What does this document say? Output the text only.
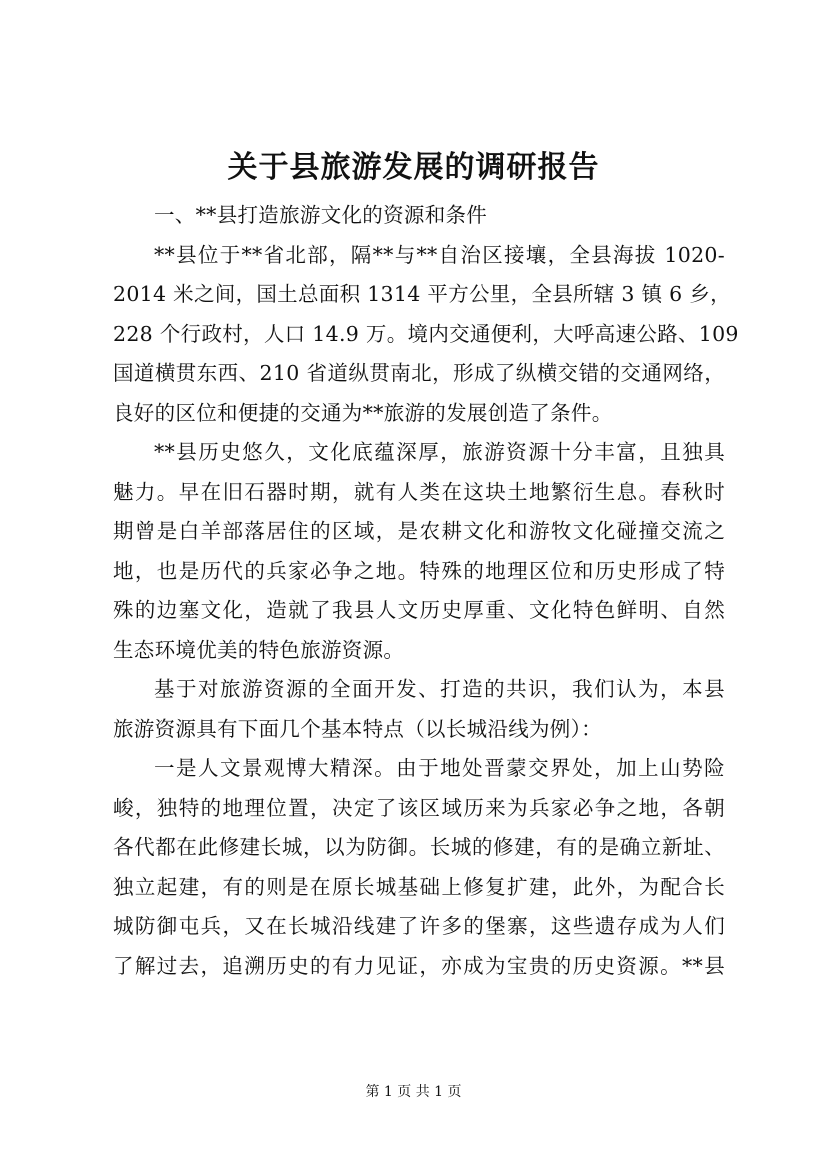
关于县旅游发展的调研报告
一、**县打造旅游文化的资源和条件
**县位于**省北部，隔**与**自治区接壤，全县海拔 1020-
2014 米之间，国土总面积 1314 平方公里，全县所辖 3 镇 6 乡，
228 个行政村，人口 14.9 万。境内交通便利，大呼高速公路、109
国道横贯东西、210 省道纵贯南北，形成了纵横交错的交通网络，
良好的区位和便捷的交通为**旅游的发展创造了条件。
**县历史悠久，文化底蕴深厚，旅游资源十分丰富，且独具
魅力。早在旧石器时期，就有人类在这块土地繁衍生息。春秋时
期曾是白羊部落居住的区域，是农耕文化和游牧文化碰撞交流之
地，也是历代的兵家必争之地。特殊的地理区位和历史形成了特
殊的边塞文化，造就了我县人文历史厚重、文化特色鲜明、自然
生态环境优美的特色旅游资源。
基于对旅游资源的全面开发、打造的共识，我们认为，本县
旅游资源具有下面几个基本特点（以长城沿线为例）：
一是人文景观博大精深。由于地处晋蒙交界处，加上山势险
峻，独特的地理位置，决定了该区域历来为兵家必争之地，各朝
各代都在此修建长城，以为防御。长城的修建，有的是确立新址、
独立起建，有的则是在原长城基础上修复扩建，此外，为配合长
城防御屯兵，又在长城沿线建了许多的堡寨，这些遗存成为人们
了解过去，追溯历史的有力见证，亦成为宝贵的历史资源。**县
第 1 页 共 1 页
